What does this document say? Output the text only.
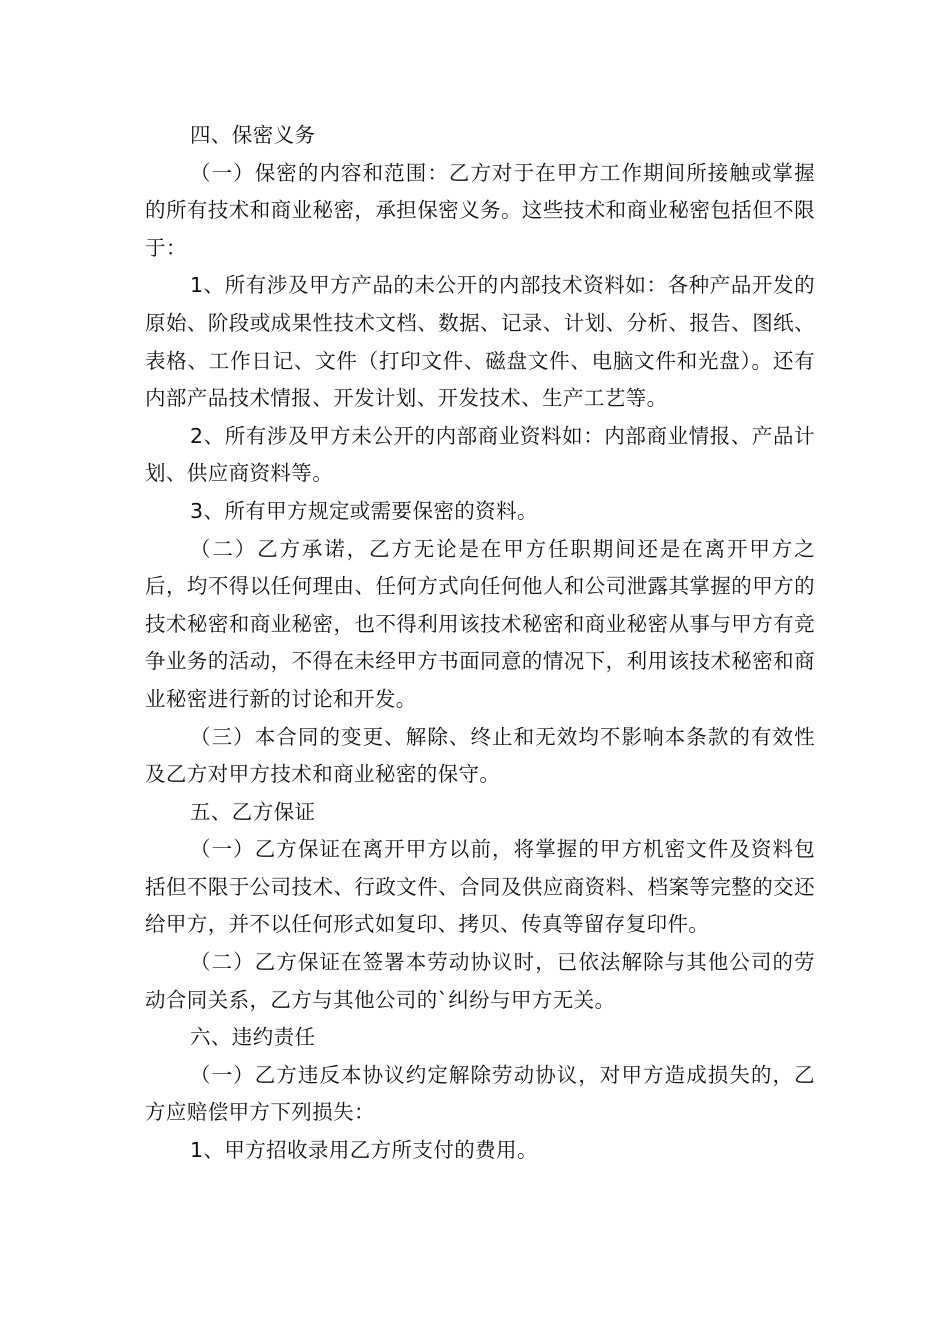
四、保密义务

（一）保密的内容和范围：乙方对于在甲方工作期间所接触或掌握的所有技术和商业秘密，承担保密义务。这些技术和商业秘密包括但不限于：

1、所有涉及甲方产品的未公开的内部技术资料如：各种产品开发的原始、阶段或成果性技术文档、数据、记录、计划、分析、报告、图纸、表格、工作日记、文件（打印文件、磁盘文件、电脑文件和光盘）。还有内部产品技术情报、开发计划、开发技术、生产工艺等。

2、所有涉及甲方未公开的内部商业资料如：内部商业情报、产品计划、供应商资料等。

3、所有甲方规定或需要保密的资料。

（二）乙方承诺，乙方无论是在甲方任职期间还是在离开甲方之后，均不得以任何理由、任何方式向任何他人和公司泄露其掌握的甲方的技术秘密和商业秘密，也不得利用该技术秘密和商业秘密从事与甲方有竞争业务的活动，不得在未经甲方书面同意的情况下，利用该技术秘密和商业秘密进行新的讨论和开发。

（三）本合同的变更、解除、终止和无效均不影响本条款的有效性及乙方对甲方技术和商业秘密的保守。

五、乙方保证

（一）乙方保证在离开甲方以前，将掌握的甲方机密文件及资料包括但不限于公司技术、行政文件、合同及供应商资料、档案等完整的交还给甲方，并不以任何形式如复印、拷贝、传真等留存复印件。

（二）乙方保证在签署本劳动协议时，已依法解除与其他公司的劳动合同关系，乙方与其他公司的`纠纷与甲方无关。

六、违约责任

（一）乙方违反本协议约定解除劳动协议，对甲方造成损失的，乙方应赔偿甲方下列损失：

1、甲方招收录用乙方所支付的费用。
